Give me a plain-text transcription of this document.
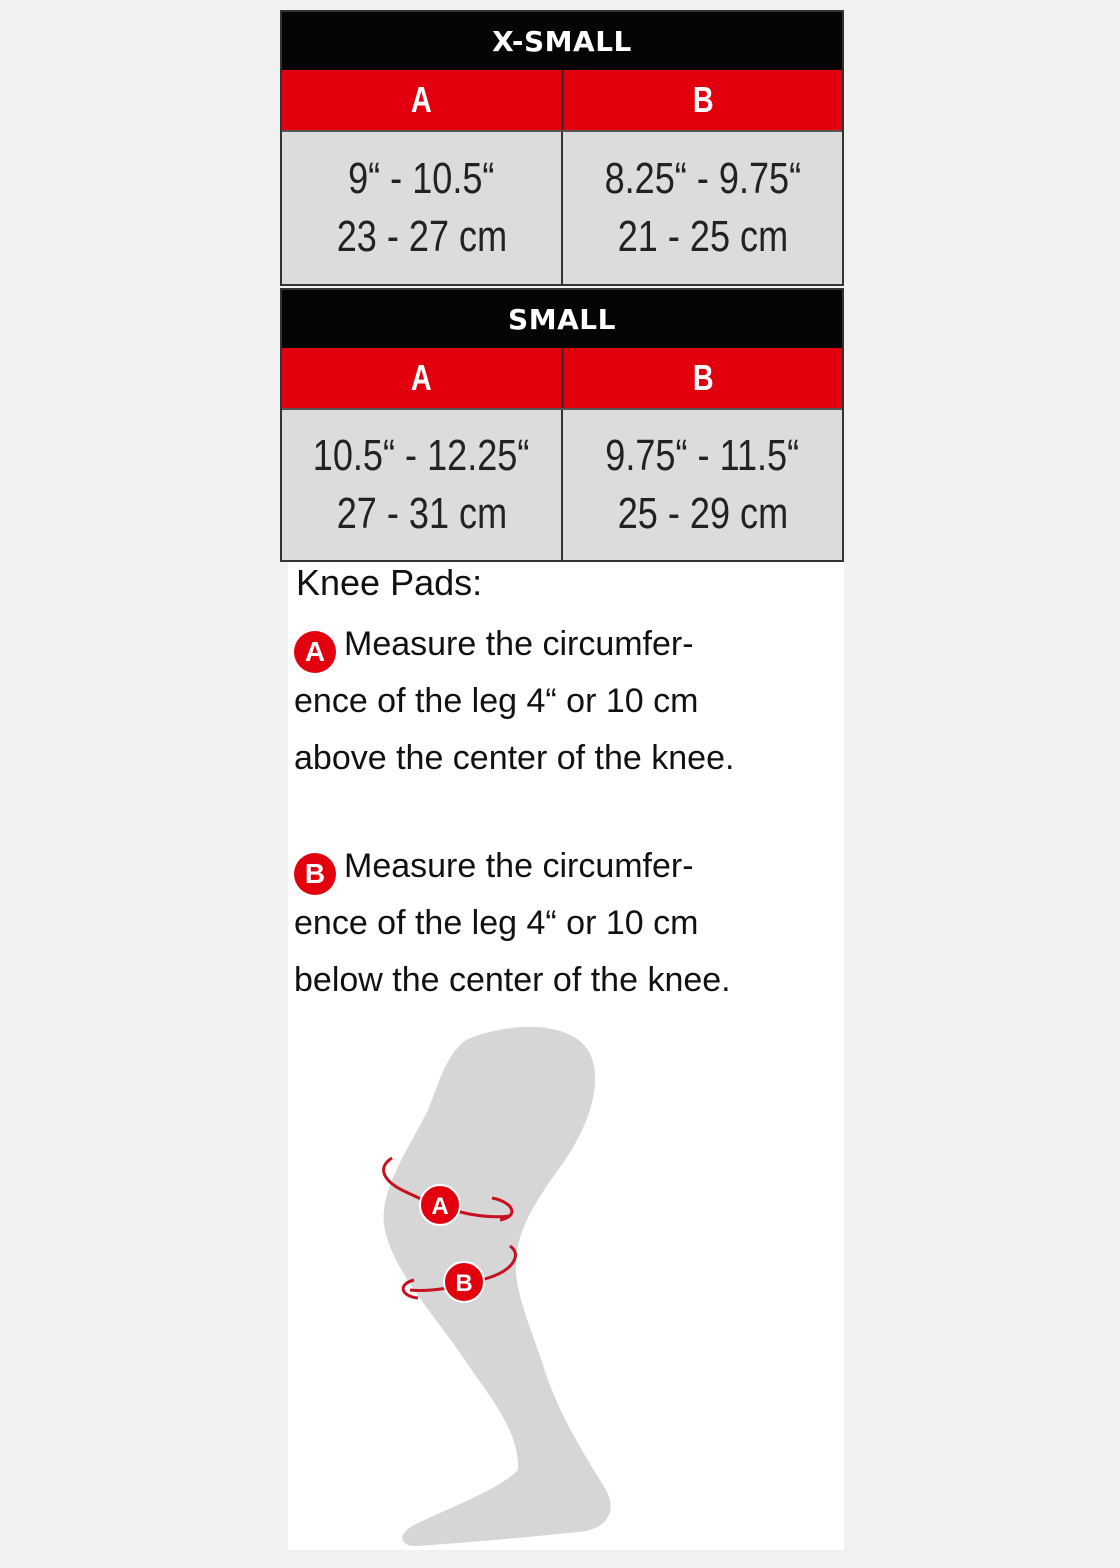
X-SMALL
A	B
9“ - 10.5“
23 - 27 cm
8.25“ - 9.75“
21 - 25 cm
SMALL
A	B
10.5“ - 12.25“
27 - 31 cm
9.75“ - 11.5“
25 - 29 cm
Knee Pads:
A Measure the circumfer-
ence of the leg 4“ or 10 cm
above the center of the knee.
B Measure the circumfer-
ence of the leg 4“ or 10 cm
below the center of the knee.
A
B
